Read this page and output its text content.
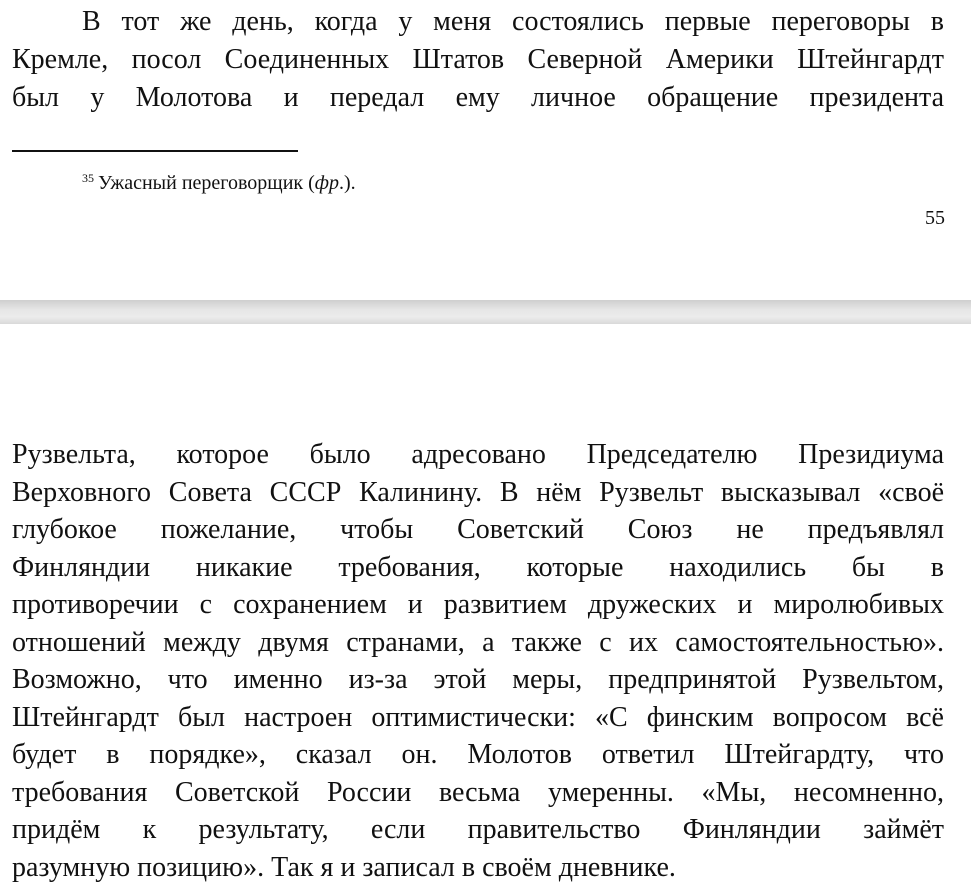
В тот же день, когда у меня состоялись первые переговоры в
Кремле, посол Соединенных Штатов Северной Америки Штейнгардт
был у Молотова и передал ему личное обращение президента

$^{35}$ Ужасный переговорщик (фр.).

55

Рузвельта, которое было адресовано Председателю Президиума
Верховного Совета СССР Калинину. В нём Рузвельт высказывал «своё
глубокое пожелание, чтобы Советский Союз не предъявлял
Финляндии никакие требования, которые находились бы в
противоречии с сохранением и развитием дружеских и миролюбивых
отношений между двумя странами, а также с их самостоятельностью».
Возможно, что именно из-за этой меры, предпринятой Рузвельтом,
Штейнгардт был настроен оптимистически: «С финским вопросом всё
будет в порядке», сказал он. Молотов ответил Штейгардту, что
требования Советской России весьма умеренны. «Мы, несомненно,
придём к результату, если правительство Финляндии займёт
разумную позицию». Так я и записал в своём дневнике.
